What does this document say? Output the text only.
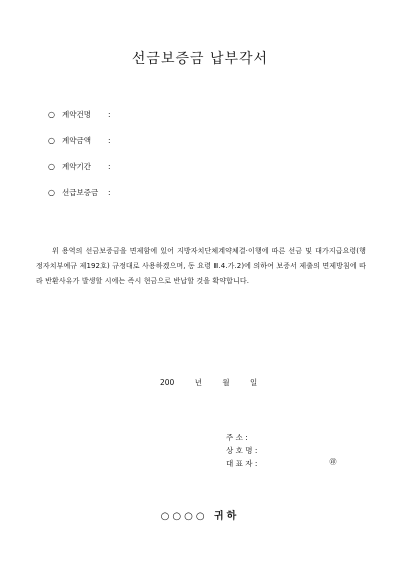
선금보증금 납부각서
○ 계약건명	:
○ 계약금액	:
○ 계약기간	:
○ 선급보증금	:
위 용역의 선금보증금을 면제함에 있어 지방자치단체계약체결·이행에 따른 선금 및 대가지급요령(행정자치부예규 제192호) 규정대로 사용하겠으며, 동 요령 Ⅲ.4.가.2)에 의하여 보증서 제출의 면제방침에 따라 반환사유가 발생할 시에는 즉시 현금으로 반납할 것을 확약합니다.
200 년 월 일
주 소 :
상 호 명 :
대 표 자 :	㊞
○○○○ 귀하
